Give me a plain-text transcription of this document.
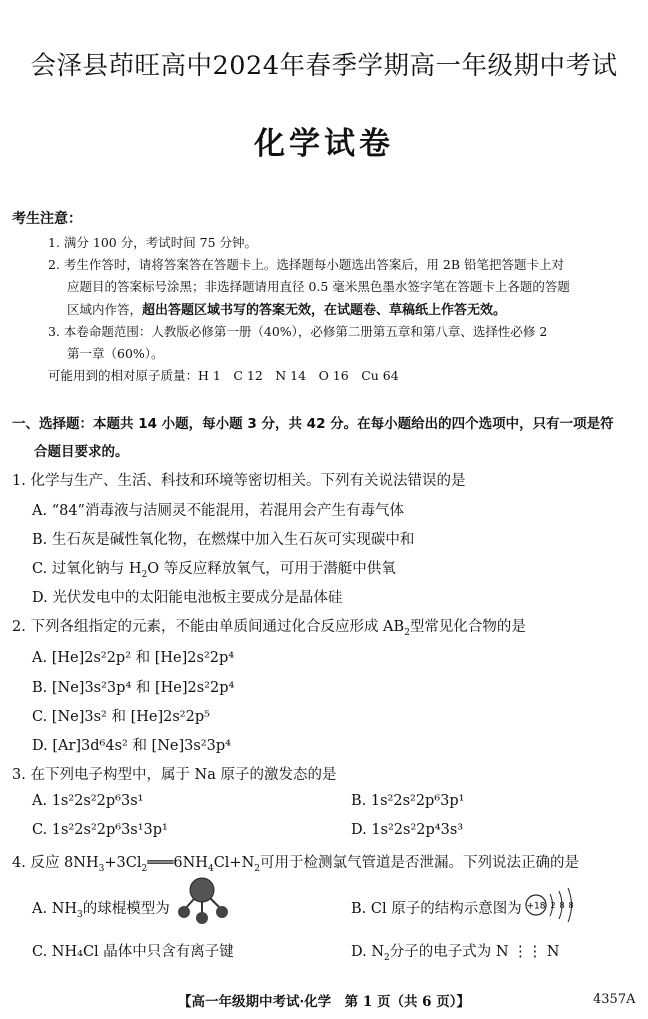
会泽县茚旺高中2024年春季学期高一年级期中考试
化学试卷
考生注意：
1. 满分 100 分，考试时间 75 分钟。
2. 考生作答时，请将答案答在答题卡上。选择题每小题选出答案后，用 2B 铅笔把答题卡上对
应题目的答案标号涂黑；非选择题请用直径 0.5 毫米黑色墨水签字笔在答题卡上各题的答题
区域内作答，超出答题区域书写的答案无效，在试题卷、草稿纸上作答无效。
3. 本卷命题范围：人教版必修第一册（40%），必修第二册第五章和第八章、选择性必修 2
第一章（60%）。
可能用到的相对原子质量：H 1　C 12　N 14　O 16　Cu 64
一、选择题：本题共 14 小题，每小题 3 分，共 42 分。在每小题给出的四个选项中，只有一项是符
合题目要求的。
1. 化学与生产、生活、科技和环境等密切相关。下列有关说法错误的是
A. “84”消毒液与洁厕灵不能混用，若混用会产生有毒气体
B. 生石灰是碱性氧化物，在燃煤中加入生石灰可实现碳中和
C. 过氧化钠与 $H_2O$ 等反应释放氧气，可用于潜艇中供氧
D. 光伏发电中的太阳能电池板主要成分是晶体硅
2. 下列各组指定的元素，不能由单质间通过化合反应形成 $AB_2$型常见化合物的是
A. [He]2s²2p² 和 [He]2s²2p⁴
B. [Ne]3s²3p⁴ 和 [He]2s²2p⁴
C. [Ne]3s² 和 [He]2s²2p⁵
D. [Ar]3d⁶4s² 和 [Ne]3s²3p⁴
3. 在下列电子构型中，属于 Na 原子的激发态的是
A. 1s²2s²2p⁶3s¹	B. 1s²2s²2p⁶3p¹
C. 1s²2s²2p⁶3s¹3p¹	D. 1s²2s²2p⁴3s³
4. 反应 $8NH_3+3Cl_2═══6NH_4Cl+N_2$可用于检测氯气管道是否泄漏。下列说法正确的是
A. $NH_3$的球棍模型为	B. Cl 原子的结构示意图为 +18 2 8 8
C. NH₄Cl 晶体中只含有离子键	D. $N_2$分子的电子式为 N ⋮⋮ N
【高一年级期中考试·化学　第 1 页（共 6 页）】	4357A
